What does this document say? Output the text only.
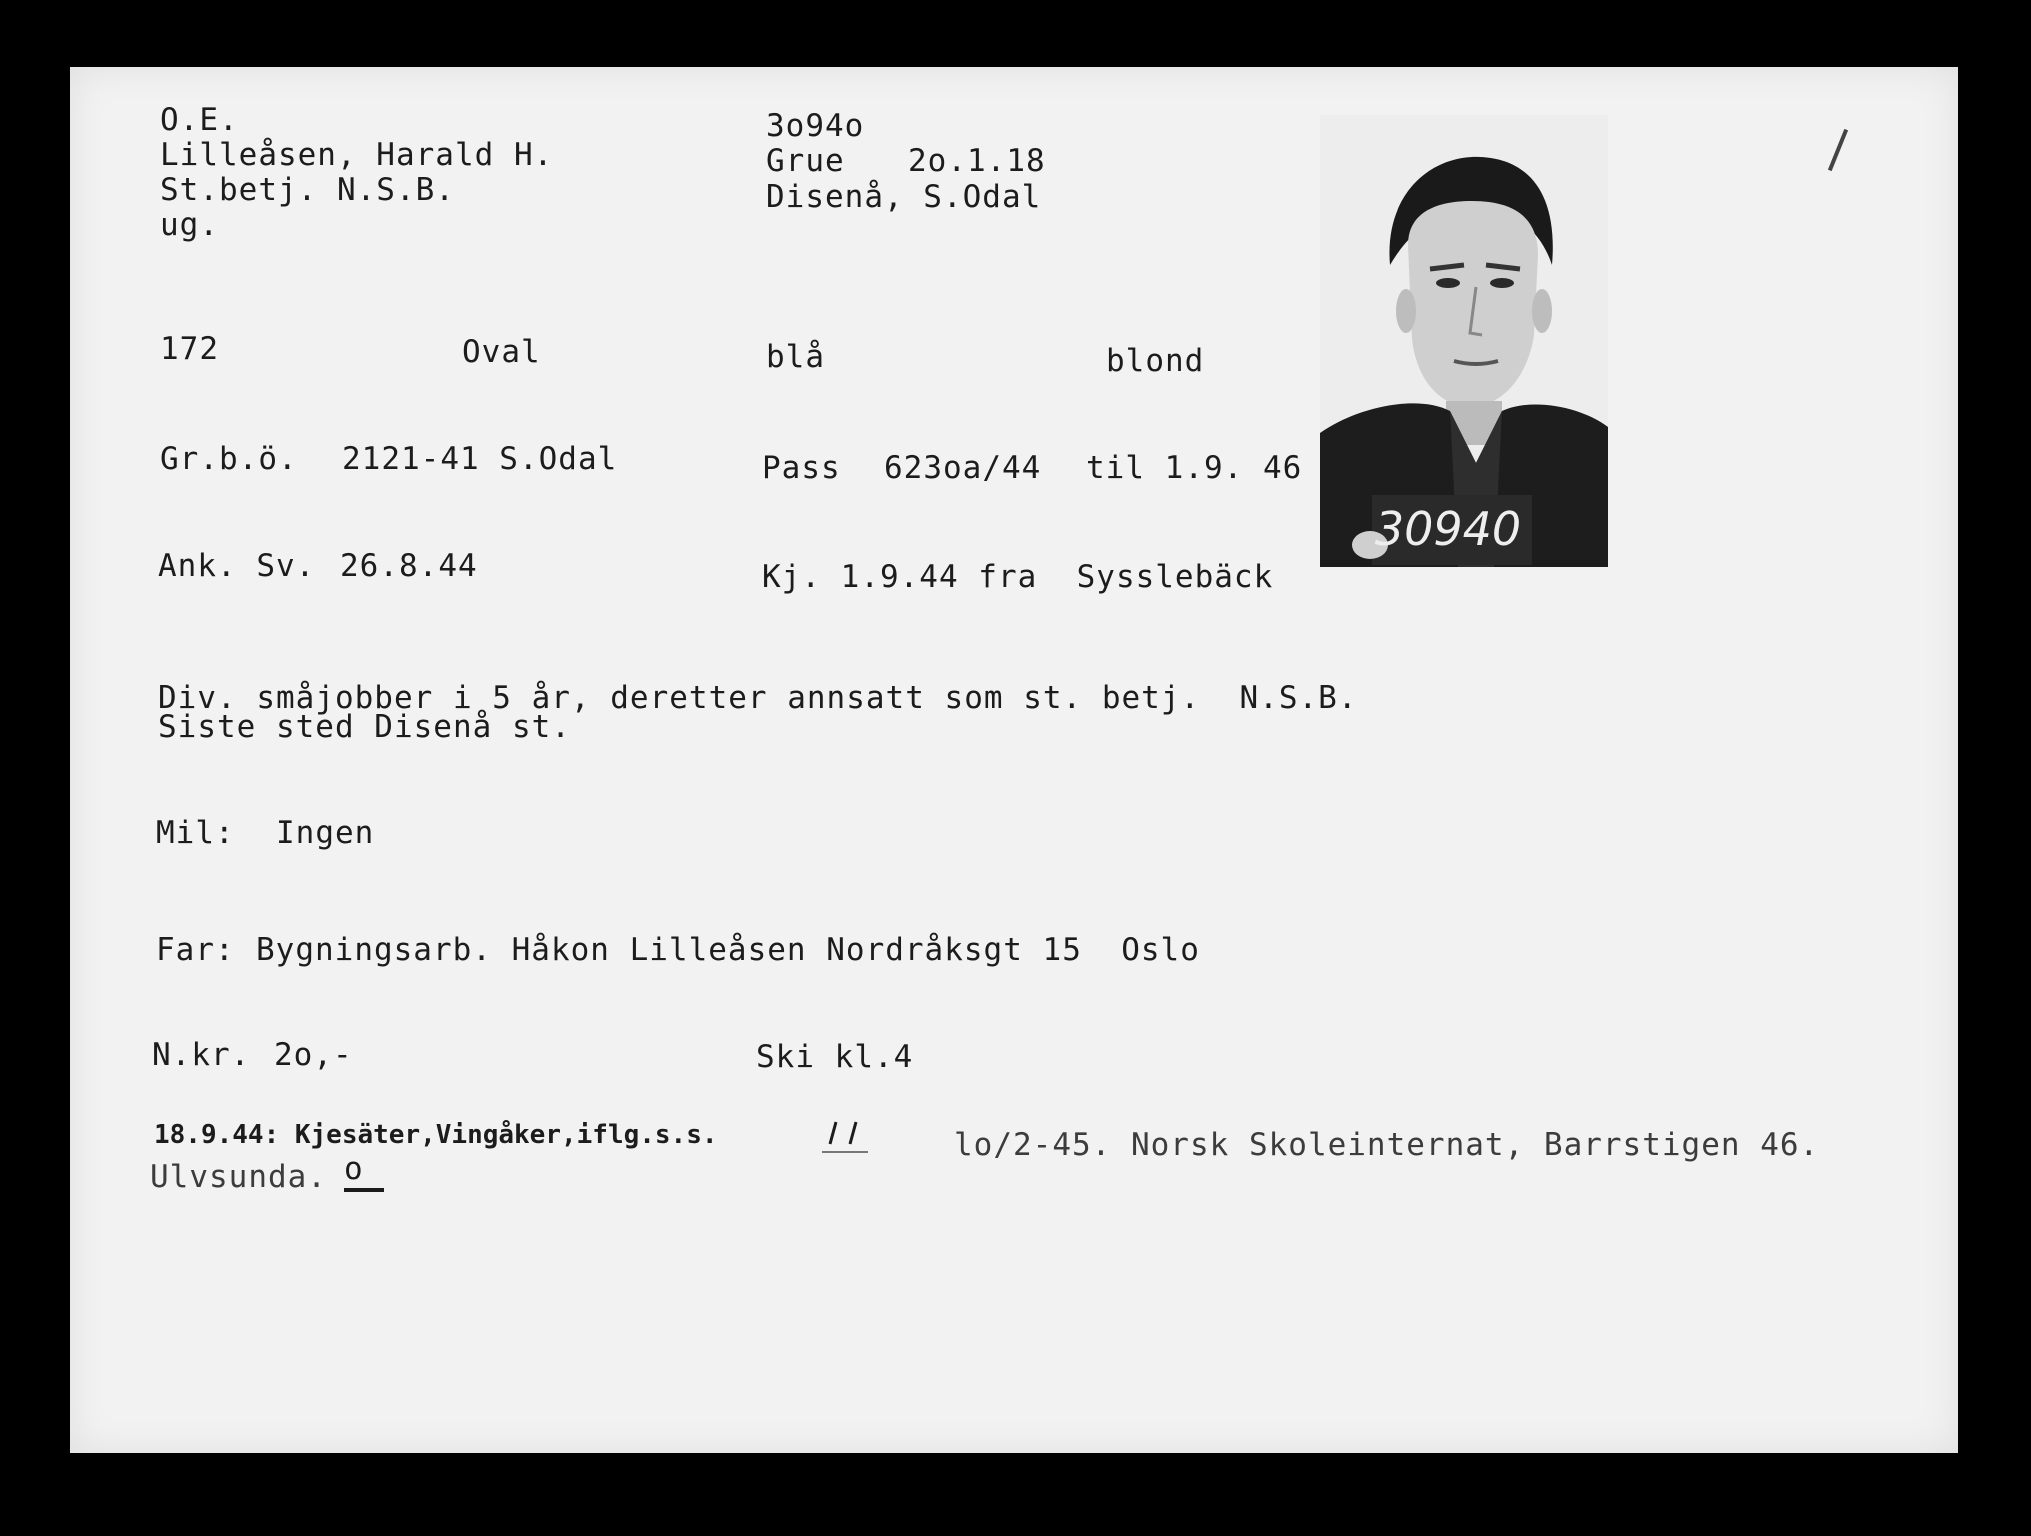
O.E.
Lilleåsen, Harald H.
St.betj. N.S.B.
ug.
3o94o
Grue 2o.1.18
Disenå, S.Odal
172	Oval	blå	blond
Gr.b.ö. 2121-41 S.Odal	Pass 623oa/44 til 1.9. 46
Ank. Sv. 26.8.44	Kj. 1.9.44 fra  Sysslebäck
Div. småjobber i 5 år, deretter annsatt som st. betj.  N.S.B.
Siste sted Disenå st.
Mil: Ingen
Far: Bygningsarb. Håkon Lilleåsen Nordråksgt 15  Oslo
N.kr. 2o,-	Ski kl.4
18.9.44: Kjesäter,Vingåker,iflg.s.s.	lo/2-45. Norsk Skoleinternat, Barrstigen 46.
Ulvsunda. o
30940
